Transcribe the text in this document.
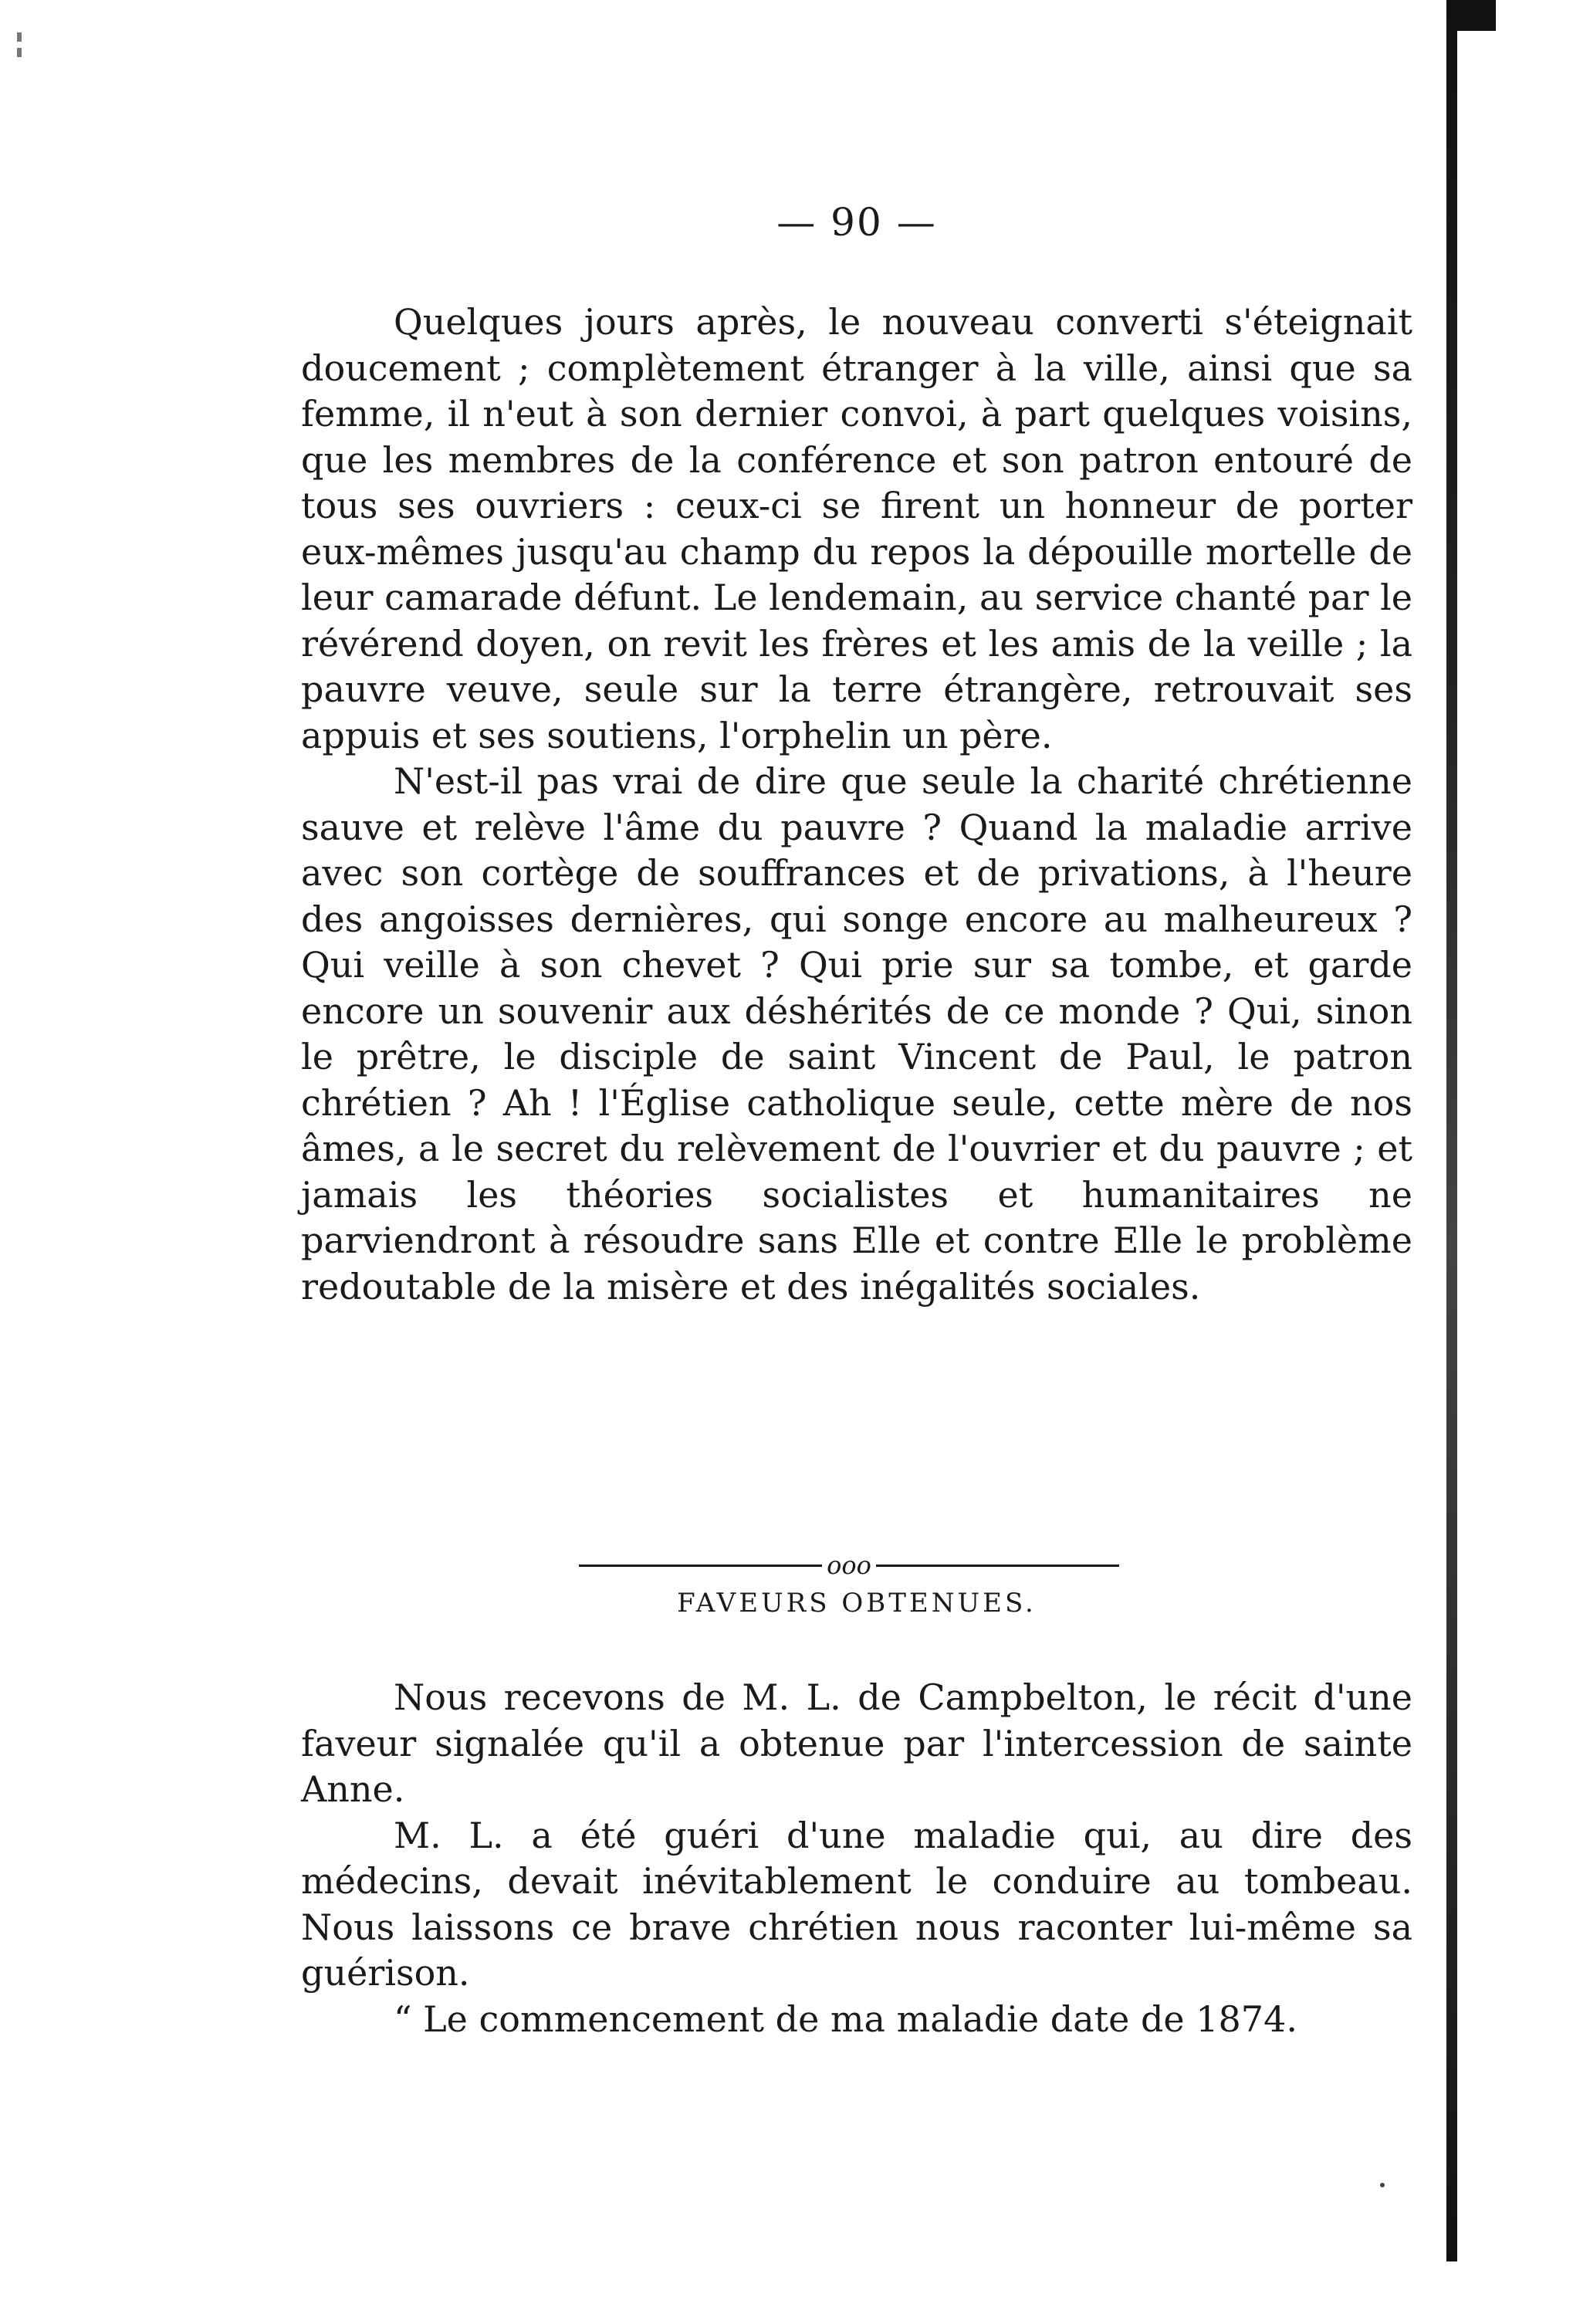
— 90 —

Quelques jours après, le nouveau converti s'éteignait doucement ; complètement étranger à la ville, ainsi que sa femme, il n'eut à son dernier convoi, à part quelques voisins, que les membres de la conférence et son patron entouré de tous ses ouvriers : ceux-ci se firent un honneur de porter eux-mêmes jusqu'au champ du repos la dépouille mortelle de leur camarade défunt. Le lendemain, au service chanté par le révérend doyen, on revit les frères et les amis de la veille ; la pauvre veuve, seule sur la terre étrangère, retrouvait ses appuis et ses soutiens, l'orphelin un père.

N'est-il pas vrai de dire que seule la charité chrétienne sauve et relève l'âme du pauvre ? Quand la maladie arrive avec son cortège de souffrances et de privations, à l'heure des angoisses dernières, qui songe encore au malheureux ? Qui veille à son chevet ? Qui prie sur sa tombe, et garde encore un souvenir aux déshérités de ce monde ? Qui, sinon le prêtre, le disciple de saint Vincent de Paul, le patron chrétien ? Ah ! l'Église catholique seule, cette mère de nos âmes, a le secret du relèvement de l'ouvrier et du pauvre ; et jamais les théories socialistes et humanitaires ne parviendront à résoudre sans Elle et contre Elle le problème redoutable de la misère et des inégalités sociales.

ooo
FAVEURS OBTENUES.

Nous recevons de M. L. de Campbelton, le récit d'une faveur signalée qu'il a obtenue par l'intercession de sainte Anne.

M. L. a été guéri d'une maladie qui, au dire des médecins, devait inévitablement le conduire au tombeau. Nous laissons ce brave chrétien nous raconter lui-même sa guérison.

“ Le commencement de ma maladie date de 1874.
